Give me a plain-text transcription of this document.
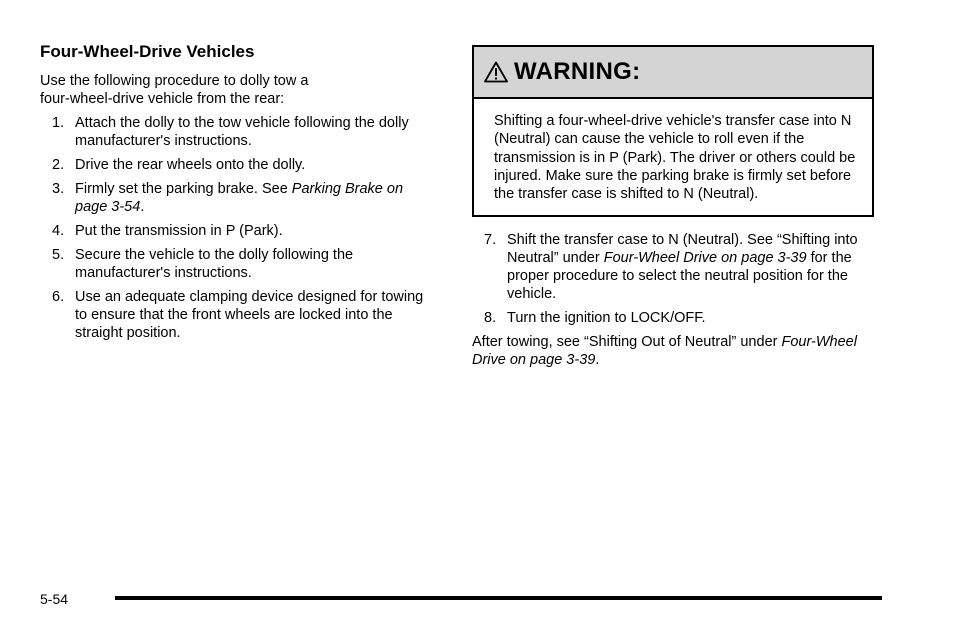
Four-Wheel-Drive Vehicles

Use the following procedure to dolly tow a
four-wheel-drive vehicle from the rear:

1. Attach the dolly to the tow vehicle following the dolly manufacturer's instructions.
2. Drive the rear wheels onto the dolly.
3. Firmly set the parking brake. See Parking Brake on page 3-54.
4. Put the transmission in P (Park).
5. Secure the vehicle to the dolly following the manufacturer's instructions.
6. Use an adequate clamping device designed for towing to ensure that the front wheels are locked into the straight position.
WARNING:
Shifting a four-wheel-drive vehicle's transfer case into N (Neutral) can cause the vehicle to roll even if the transmission is in P (Park). The driver or others could be injured. Make sure the parking brake is firmly set before the transfer case is shifted to N (Neutral).
7. Shift the transfer case to N (Neutral). See “Shifting into Neutral” under Four-Wheel Drive on page 3-39 for the proper procedure to select the neutral position for the vehicle.
8. Turn the ignition to LOCK/OFF.

After towing, see “Shifting Out of Neutral” under Four-Wheel Drive on page 3-39.

5-54
